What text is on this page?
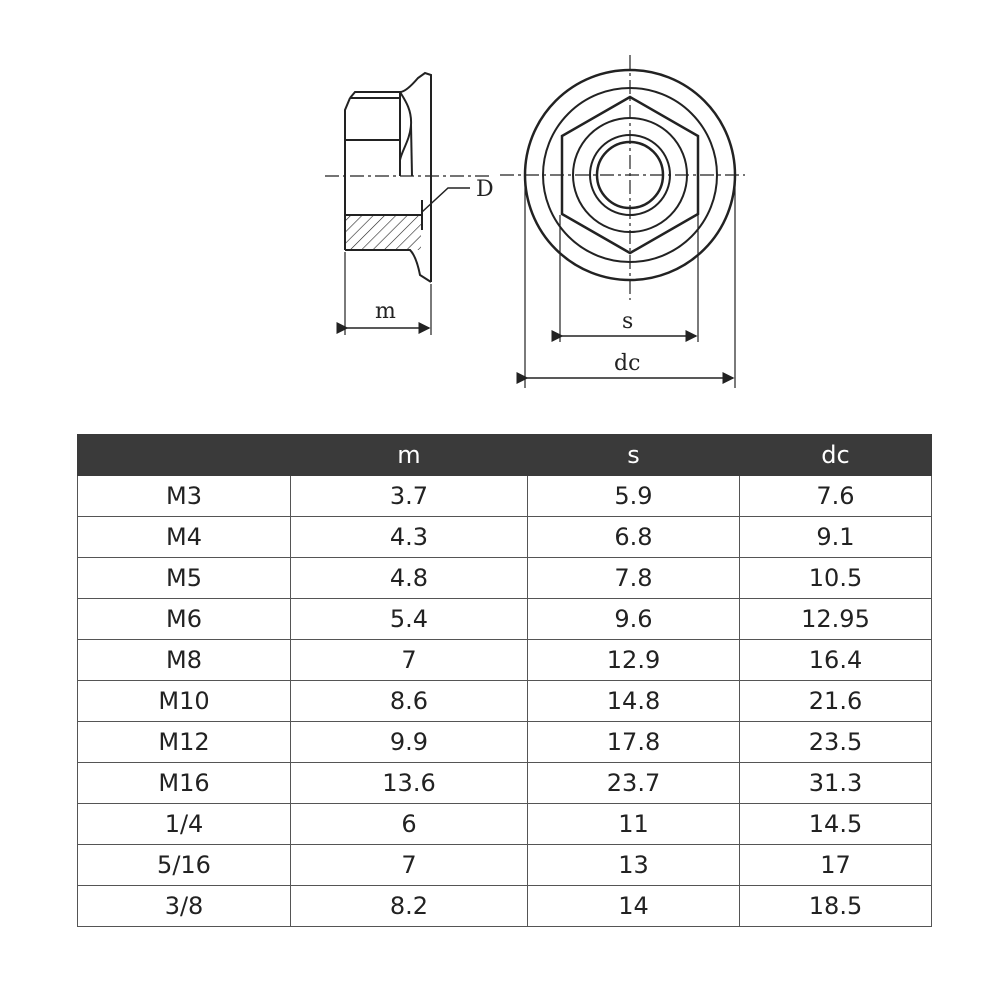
D
m	s
dc
	m	s	dc
M3	3.7	5.9	7.6
M4	4.3	6.8	9.1
M5	4.8	7.8	10.5
M6	5.4	9.6	12.95
M8	7	12.9	16.4
M10	8.6	14.8	21.6
M12	9.9	17.8	23.5
M16	13.6	23.7	31.3
1/4	6	11	14.5
5/16	7	13	17
3/8	8.2	14	18.5
